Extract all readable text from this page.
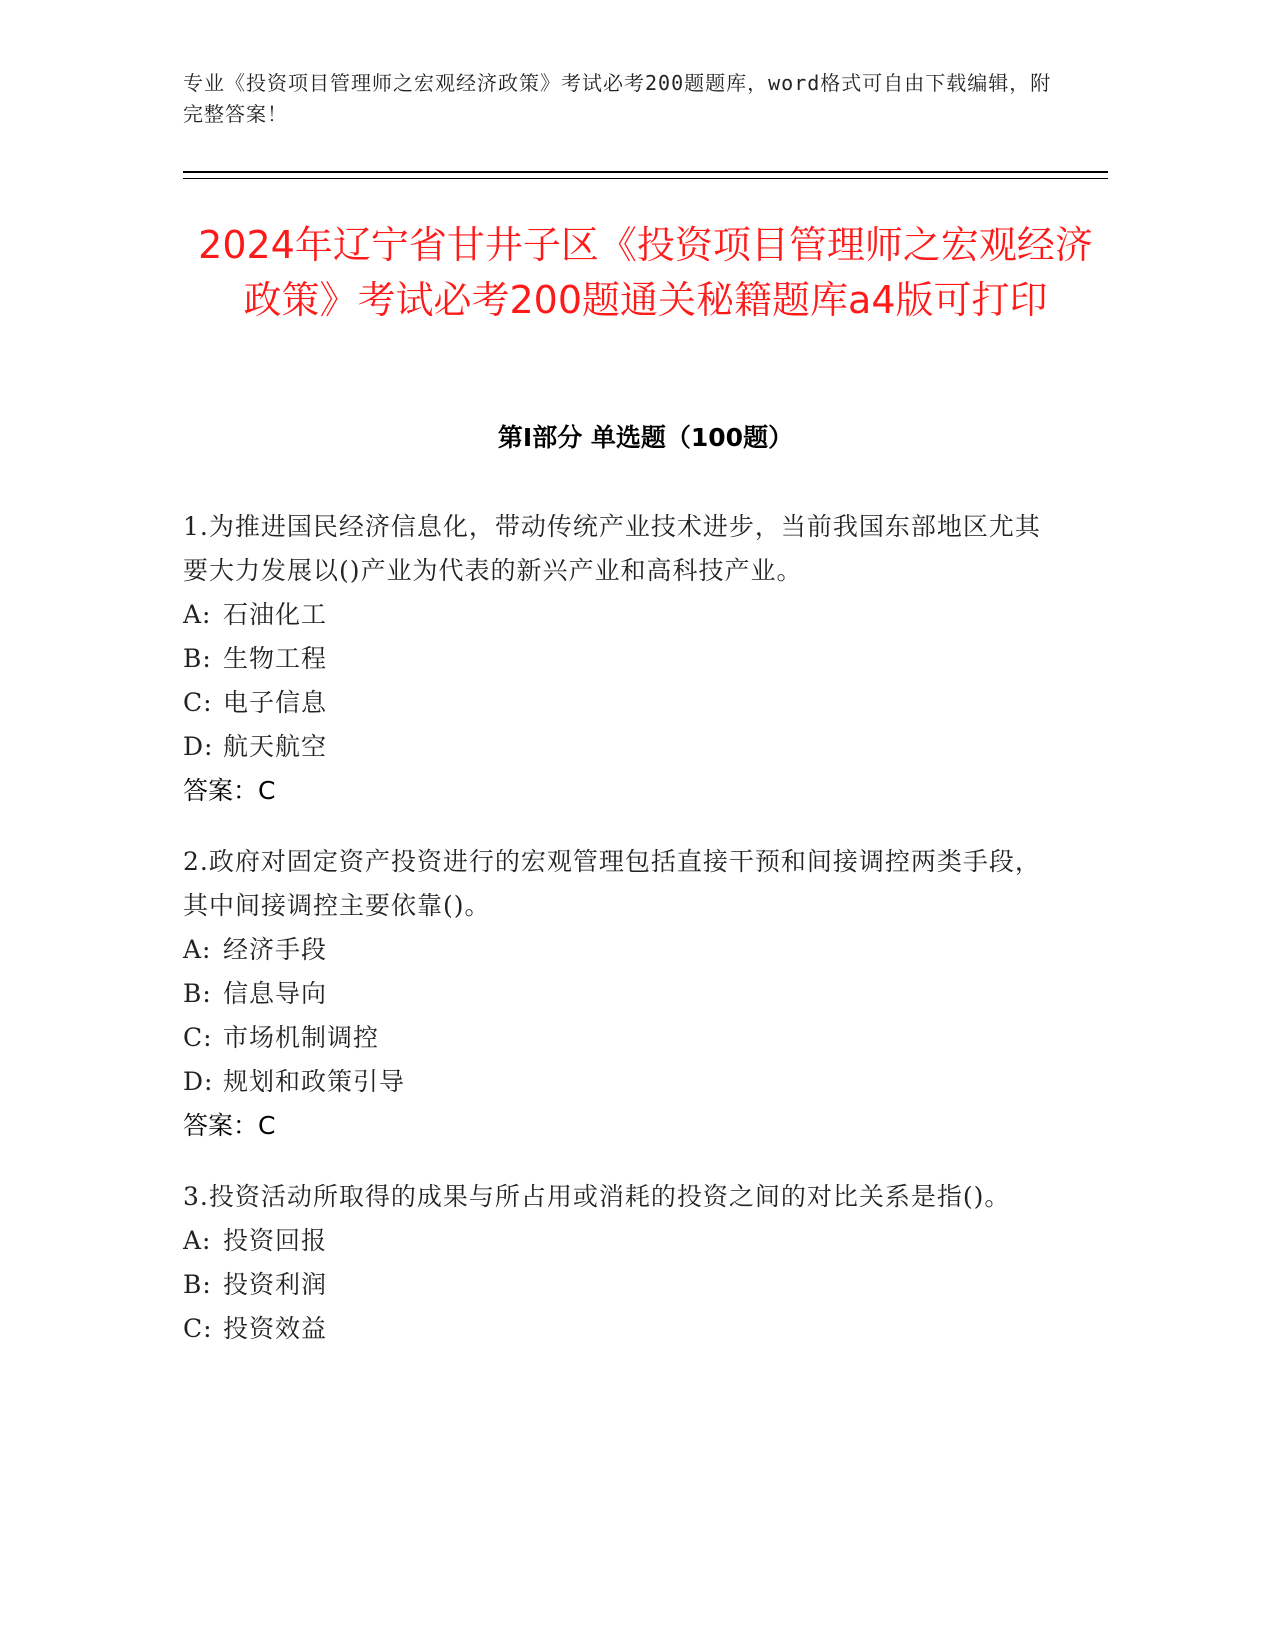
专业《投资项目管理师之宏观经济政策》考试必考200题题库，word格式可自由下载编辑，附完整答案！
2024年辽宁省甘井子区《投资项目管理师之宏观经济政策》考试必考200题通关秘籍题库a4版可打印
第I部分 单选题（100题）
1.为推进国民经济信息化，带动传统产业技术进步，当前我国东部地区尤其要大力发展以()产业为代表的新兴产业和高科技产业。
A: 石油化工
B: 生物工程
C: 电子信息
D: 航天航空
答案：C
2.政府对固定资产投资进行的宏观管理包括直接干预和间接调控两类手段，其中间接调控主要依靠()。
A: 经济手段
B: 信息导向
C: 市场机制调控
D: 规划和政策引导
答案：C
3.投资活动所取得的成果与所占用或消耗的投资之间的对比关系是指()。
A: 投资回报
B: 投资利润
C: 投资效益
